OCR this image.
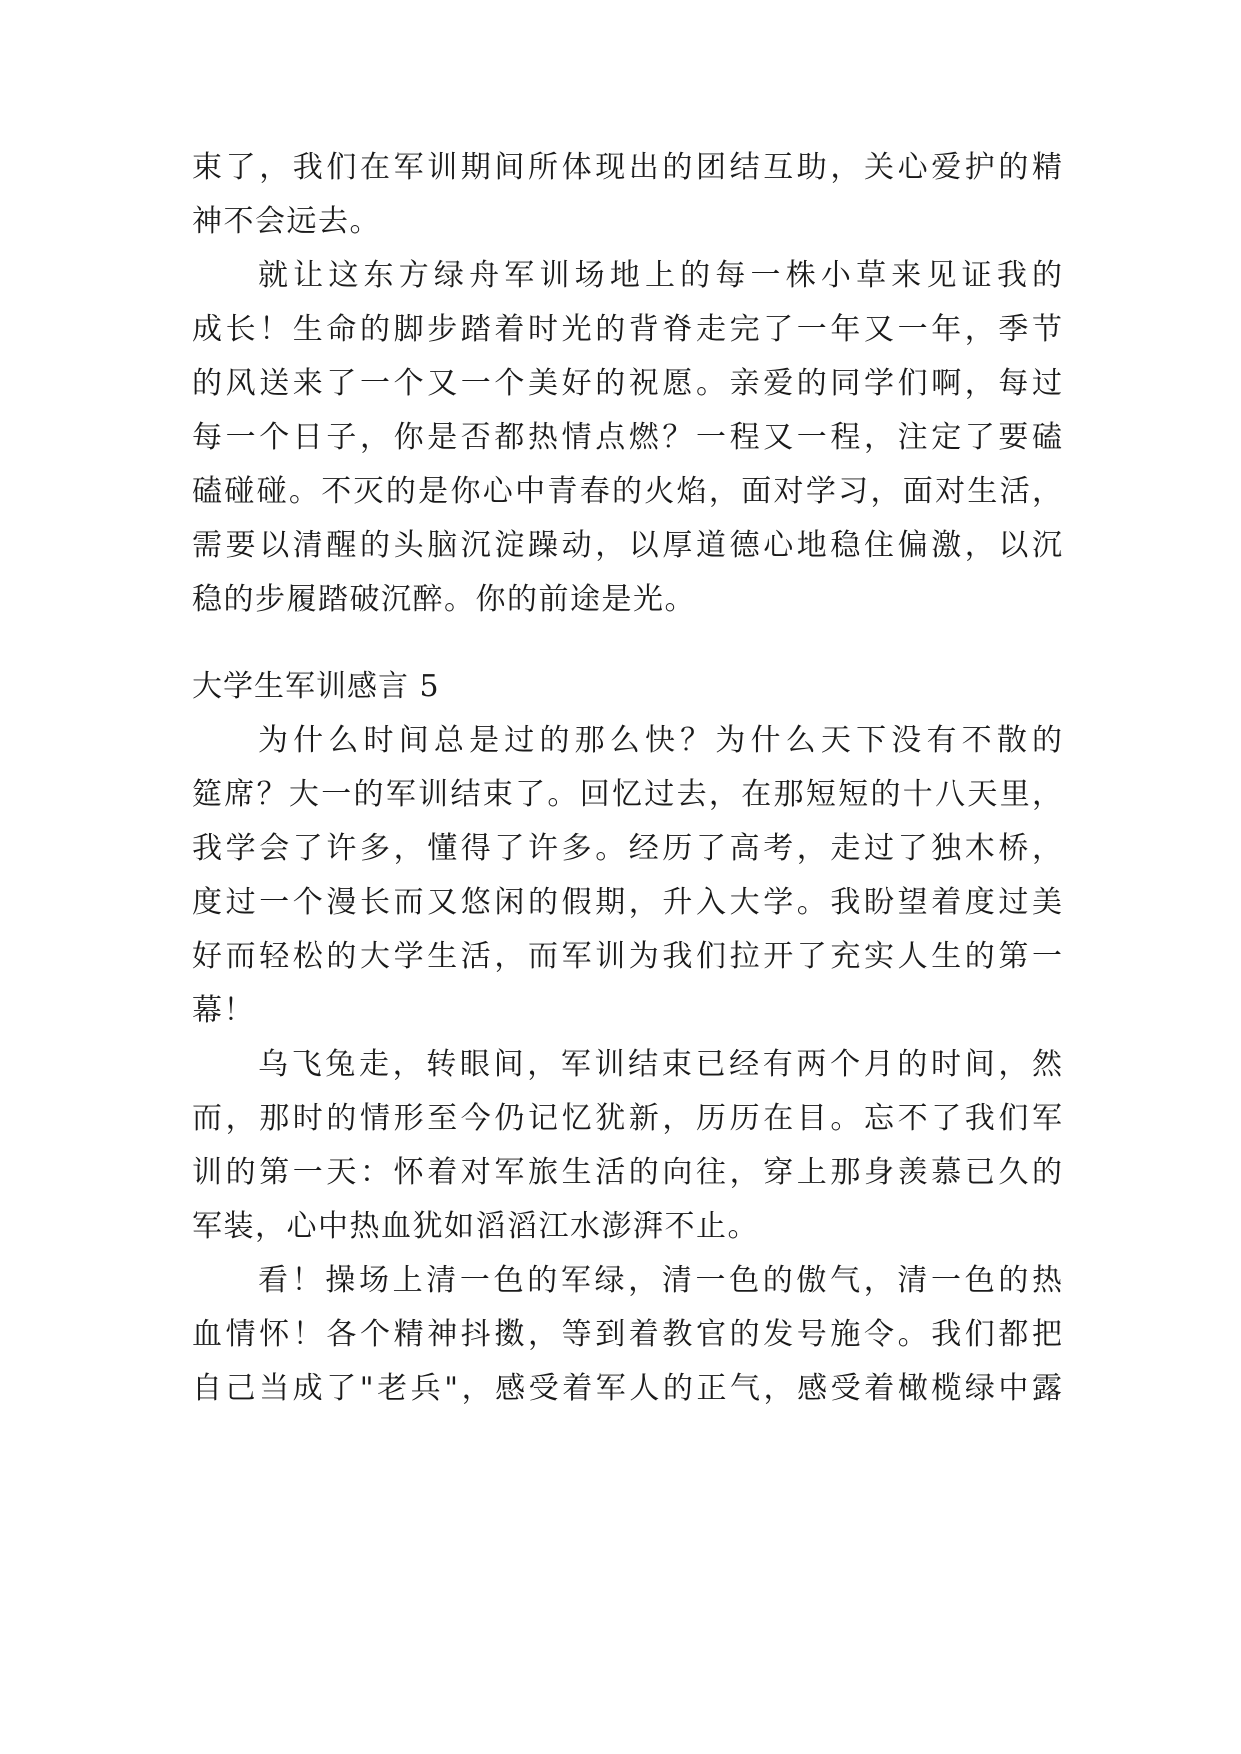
束了，我们在军训期间所体现出的团结互助，关心爱护的精
神不会远去。
就让这东方绿舟军训场地上的每一株小草来见证我的
成长！生命的脚步踏着时光的背脊走完了一年又一年，季节
的风送来了一个又一个美好的祝愿。亲爱的同学们啊，每过
每一个日子，你是否都热情点燃？一程又一程，注定了要磕
磕碰碰。不灭的是你心中青春的火焰，面对学习，面对生活，
需要以清醒的头脑沉淀躁动，以厚道德心地稳住偏激，以沉
稳的步履踏破沉醉。你的前途是光。
大学生军训感言 5
为什么时间总是过的那么快？为什么天下没有不散的
筵席？大一的军训结束了。回忆过去，在那短短的十八天里，
我学会了许多，懂得了许多。经历了高考，走过了独木桥，
度过一个漫长而又悠闲的假期，升入大学。我盼望着度过美
好而轻松的大学生活，而军训为我们拉开了充实人生的第一
幕！
乌飞兔走，转眼间，军训结束已经有两个月的时间，然
而，那时的情形至今仍记忆犹新，历历在目。忘不了我们军
训的第一天：怀着对军旅生活的向往，穿上那身羡慕已久的
军装，心中热血犹如滔滔江水澎湃不止。
看！操场上清一色的军绿，清一色的傲气，清一色的热
血情怀！各个精神抖擞，等到着教官的发号施令。我们都把
自己当成了"老兵"，感受着军人的正气，感受着橄榄绿中露
